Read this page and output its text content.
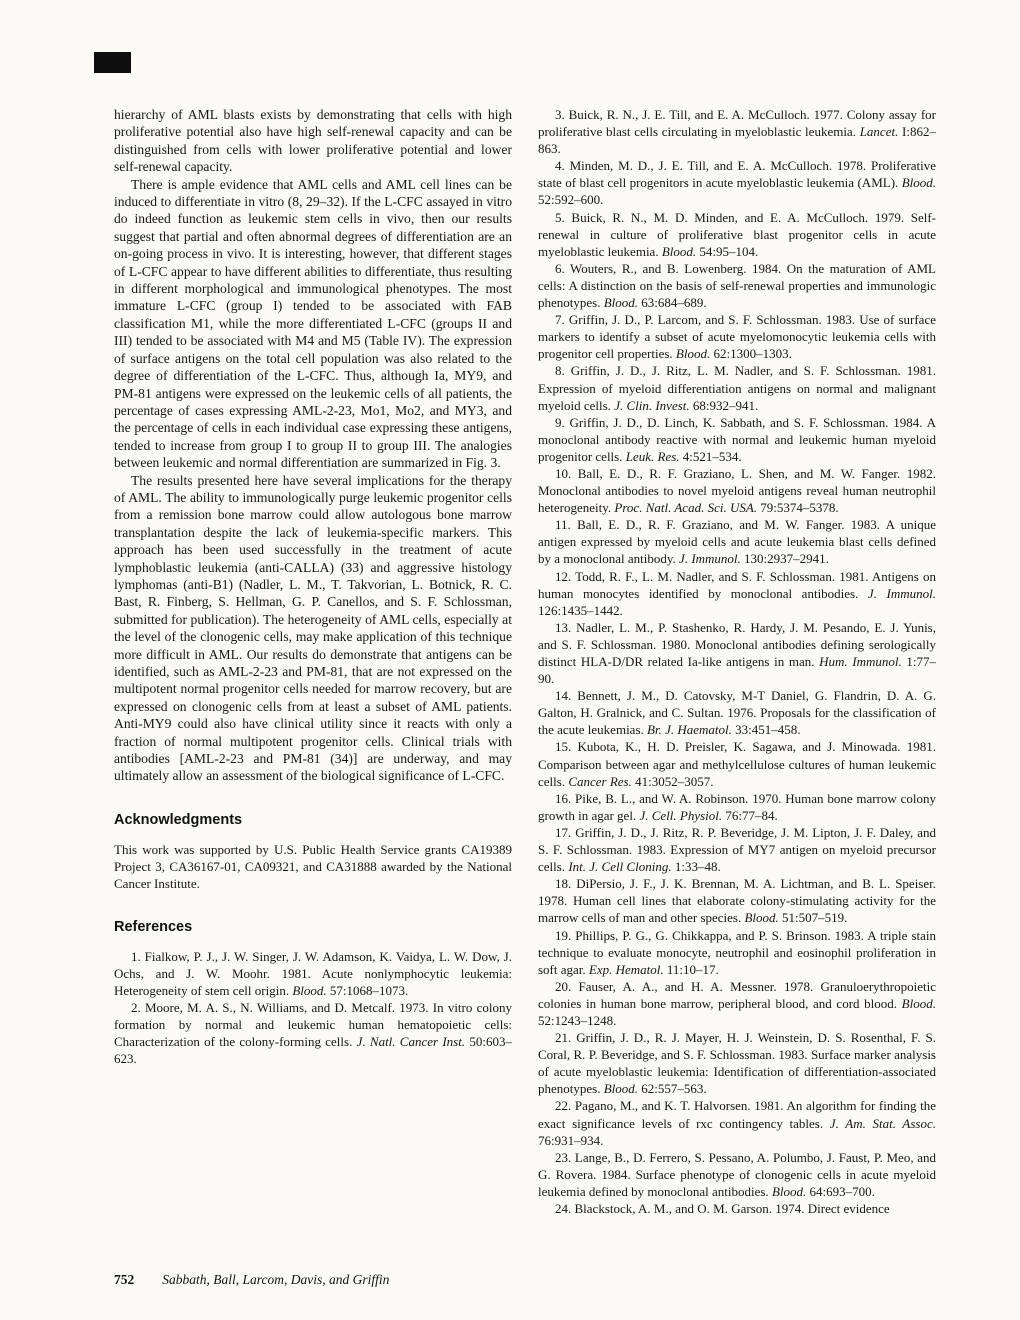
hierarchy of AML blasts exists by demonstrating that cells with high proliferative potential also have high self-renewal capacity and can be distinguished from cells with lower proliferative potential and lower self-renewal capacity.

There is ample evidence that AML cells and AML cell lines can be induced to differentiate in vitro (8, 29–32). If the L-CFC assayed in vitro do indeed function as leukemic stem cells in vivo, then our results suggest that partial and often abnormal degrees of differentiation are an on-going process in vivo. It is interesting, however, that different stages of L-CFC appear to have different abilities to differentiate, thus resulting in different morphological and immunological phenotypes. The most immature L-CFC (group I) tended to be associated with FAB classification M1, while the more differentiated L-CFC (groups II and III) tended to be associated with M4 and M5 (Table IV). The expression of surface antigens on the total cell population was also related to the degree of differentiation of the L-CFC. Thus, although Ia, MY9, and PM-81 antigens were expressed on the leukemic cells of all patients, the percentage of cases expressing AML-2-23, Mo1, Mo2, and MY3, and the percentage of cells in each individual case expressing these antigens, tended to increase from group I to group II to group III. The analogies between leukemic and normal differentiation are summarized in Fig. 3.

The results presented here have several implications for the therapy of AML. The ability to immunologically purge leukemic progenitor cells from a remission bone marrow could allow autologous bone marrow transplantation despite the lack of leukemia-specific markers. This approach has been used successfully in the treatment of acute lymphoblastic leukemia (anti-CALLA) (33) and aggressive histology lymphomas (anti-B1) (Nadler, L. M., T. Takvorian, L. Botnick, R. C. Bast, R. Finberg, S. Hellman, G. P. Canellos, and S. F. Schlossman, submitted for publication). The heterogeneity of AML cells, especially at the level of the clonogenic cells, may make application of this technique more difficult in AML. Our results do demonstrate that antigens can be identified, such as AML-2-23 and PM-81, that are not expressed on the multipotent normal progenitor cells needed for marrow recovery, but are expressed on clonogenic cells from at least a subset of AML patients. Anti-MY9 could also have clinical utility since it reacts with only a fraction of normal multipotent progenitor cells. Clinical trials with antibodies [AML-2-23 and PM-81 (34)] are underway, and may ultimately allow an assessment of the biological significance of L-CFC.

Acknowledgments

This work was supported by U.S. Public Health Service grants CA19389 Project 3, CA36167-01, CA09321, and CA31888 awarded by the National Cancer Institute.

References

1. Fialkow, P. J., J. W. Singer, J. W. Adamson, K. Vaidya, L. W. Dow, J. Ochs, and J. W. Moohr. 1981. Acute nonlymphocytic leukemia: Heterogeneity of stem cell origin. Blood. 57:1068–1073.

2. Moore, M. A. S., N. Williams, and D. Metcalf. 1973. In vitro colony formation by normal and leukemic human hematopoietic cells: Characterization of the colony-forming cells. J. Natl. Cancer Inst. 50:603–623.

3. Buick, R. N., J. E. Till, and E. A. McCulloch. 1977. Colony assay for proliferative blast cells circulating in myeloblastic leukemia. Lancet. I:862–863.

4. Minden, M. D., J. E. Till, and E. A. McCulloch. 1978. Proliferative state of blast cell progenitors in acute myeloblastic leukemia (AML). Blood. 52:592–600.

5. Buick, R. N., M. D. Minden, and E. A. McCulloch. 1979. Self-renewal in culture of proliferative blast progenitor cells in acute myeloblastic leukemia. Blood. 54:95–104.

6. Wouters, R., and B. Lowenberg. 1984. On the maturation of AML cells: A distinction on the basis of self-renewal properties and immunologic phenotypes. Blood. 63:684–689.

7. Griffin, J. D., P. Larcom, and S. F. Schlossman. 1983. Use of surface markers to identify a subset of acute myelomonocytic leukemia cells with progenitor cell properties. Blood. 62:1300–1303.

8. Griffin, J. D., J. Ritz, L. M. Nadler, and S. F. Schlossman. 1981. Expression of myeloid differentiation antigens on normal and malignant myeloid cells. J. Clin. Invest. 68:932–941.

9. Griffin, J. D., D. Linch, K. Sabbath, and S. F. Schlossman. 1984. A monoclonal antibody reactive with normal and leukemic human myeloid progenitor cells. Leuk. Res. 4:521–534.

10. Ball, E. D., R. F. Graziano, L. Shen, and M. W. Fanger. 1982. Monoclonal antibodies to novel myeloid antigens reveal human neutrophil heterogeneity. Proc. Natl. Acad. Sci. USA. 79:5374–5378.

11. Ball, E. D., R. F. Graziano, and M. W. Fanger. 1983. A unique antigen expressed by myeloid cells and acute leukemia blast cells defined by a monoclonal antibody. J. Immunol. 130:2937–2941.

12. Todd, R. F., L. M. Nadler, and S. F. Schlossman. 1981. Antigens on human monocytes identified by monoclonal antibodies. J. Immunol. 126:1435–1442.

13. Nadler, L. M., P. Stashenko, R. Hardy, J. M. Pesando, E. J. Yunis, and S. F. Schlossman. 1980. Monoclonal antibodies defining serologically distinct HLA-D/DR related Ia-like antigens in man. Hum. Immunol. 1:77–90.

14. Bennett, J. M., D. Catovsky, M-T Daniel, G. Flandrin, D. A. G. Galton, H. Gralnick, and C. Sultan. 1976. Proposals for the classification of the acute leukemias. Br. J. Haematol. 33:451–458.

15. Kubota, K., H. D. Preisler, K. Sagawa, and J. Minowada. 1981. Comparison between agar and methylcellulose cultures of human leukemic cells. Cancer Res. 41:3052–3057.

16. Pike, B. L., and W. A. Robinson. 1970. Human bone marrow colony growth in agar gel. J. Cell. Physiol. 76:77–84.

17. Griffin, J. D., J. Ritz, R. P. Beveridge, J. M. Lipton, J. F. Daley, and S. F. Schlossman. 1983. Expression of MY7 antigen on myeloid precursor cells. Int. J. Cell Cloning. 1:33–48.

18. DiPersio, J. F., J. K. Brennan, M. A. Lichtman, and B. L. Speiser. 1978. Human cell lines that elaborate colony-stimulating activity for the marrow cells of man and other species. Blood. 51:507–519.

19. Phillips, P. G., G. Chikkappa, and P. S. Brinson. 1983. A triple stain technique to evaluate monocyte, neutrophil and eosinophil proliferation in soft agar. Exp. Hematol. 11:10–17.

20. Fauser, A. A., and H. A. Messner. 1978. Granuloerythropoietic colonies in human bone marrow, peripheral blood, and cord blood. Blood. 52:1243–1248.

21. Griffin, J. D., R. J. Mayer, H. J. Weinstein, D. S. Rosenthal, F. S. Coral, R. P. Beveridge, and S. F. Schlossman. 1983. Surface marker analysis of acute myeloblastic leukemia: Identification of differentiation-associated phenotypes. Blood. 62:557–563.

22. Pagano, M., and K. T. Halvorsen. 1981. An algorithm for finding the exact significance levels of rxc contingency tables. J. Am. Stat. Assoc. 76:931–934.

23. Lange, B., D. Ferrero, S. Pessano, A. Polumbo, J. Faust, P. Meo, and G. Rovera. 1984. Surface phenotype of clonogenic cells in acute myeloid leukemia defined by monoclonal antibodies. Blood. 64:693–700.

24. Blackstock, A. M., and O. M. Garson. 1974. Direct evidence

752 Sabbath, Ball, Larcom, Davis, and Griffin
